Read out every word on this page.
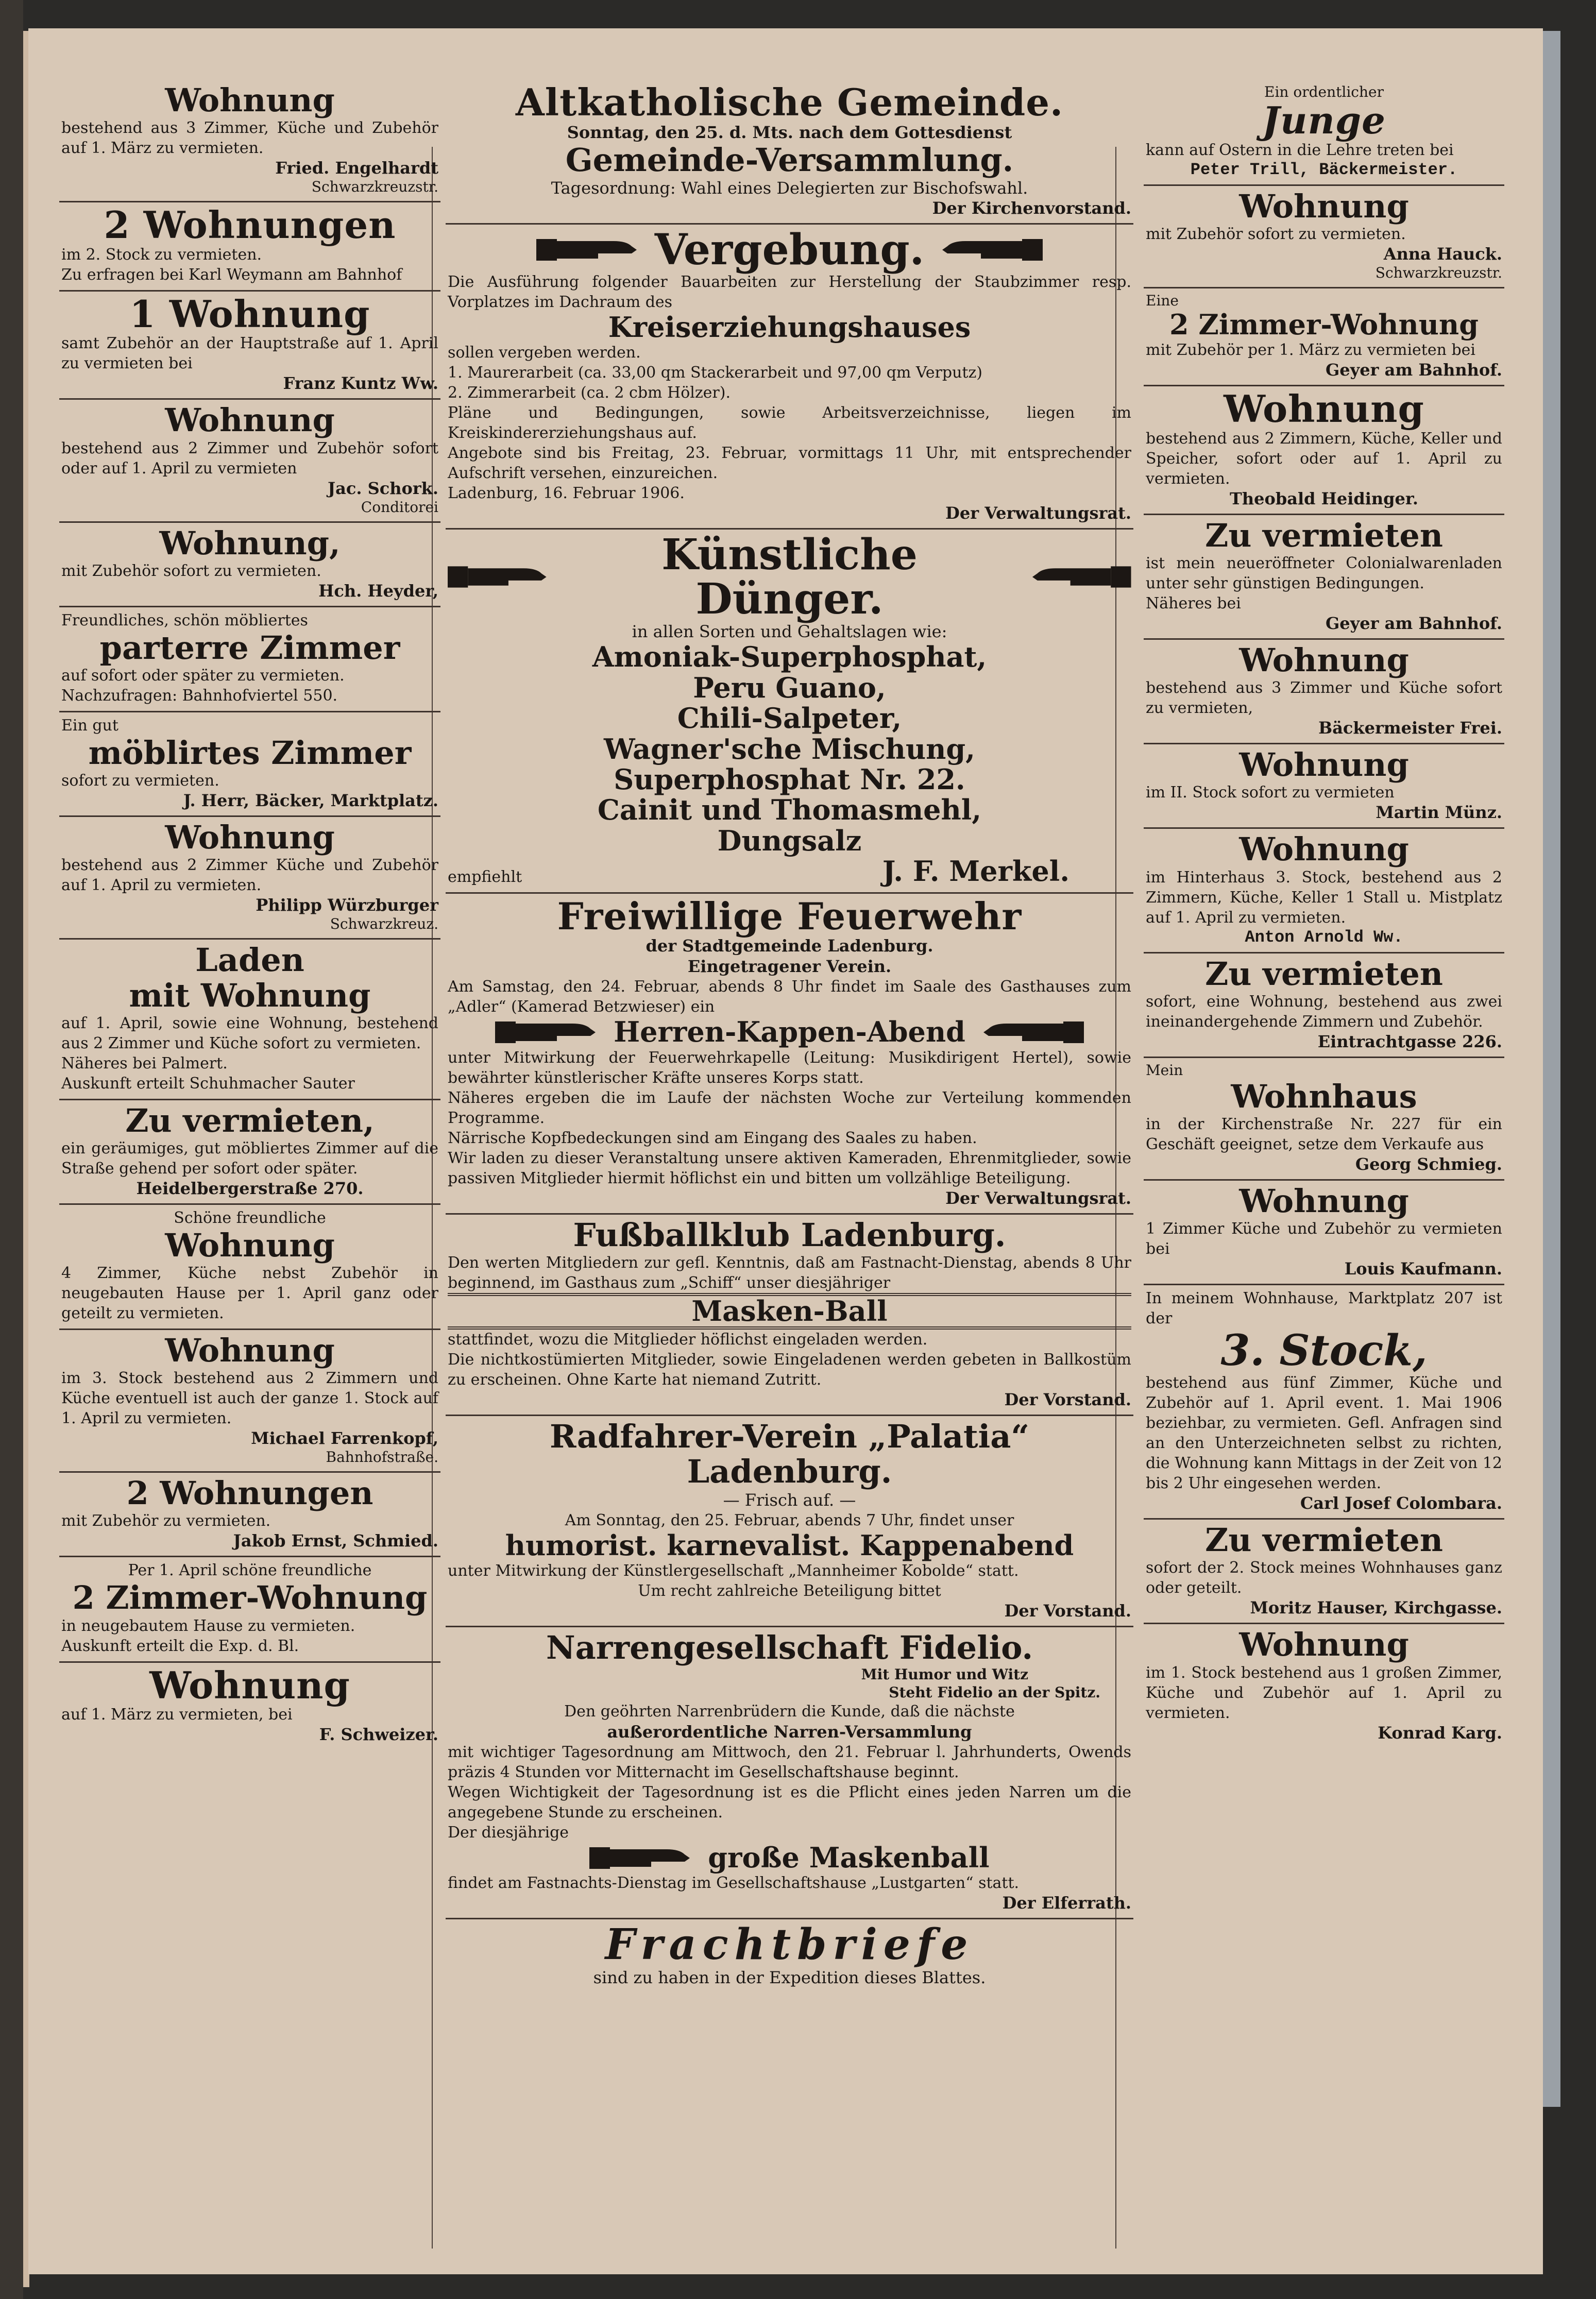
Wohnung

bestehend aus 3 Zimmer, Küche und Zubehör auf 1. März zu vermieten.

Fried. Engelhardt

Schwarzkreuzstr.

2 Wohnungen

im 2. Stock zu vermieten.

Zu erfragen bei Karl Weymann am Bahnhof

1 Wohnung

samt Zubehör an der Hauptstraße auf 1. April zu vermieten bei

Franz Kuntz Ww.

Wohnung

bestehend aus 2 Zimmer und Zubehör sofort oder auf 1. April zu vermieten

Jac. Schork.

Conditorei

Wohnung,

mit Zubehör sofort zu vermieten.

Hch. Heyder,

Freundliches, schön möbliertes

parterre Zimmer

auf sofort oder später zu vermieten.

Nachzufragen: Bahnhofviertel 550.

Ein gut

möblirtes Zimmer

sofort zu vermieten.

J. Herr, Bäcker, Marktplatz.

Wohnung

bestehend aus 2 Zimmer Küche und Zubehör auf 1. April zu vermieten.

Philipp Würzburger

Schwarzkreuz.

Laden

mit Wohnung

auf 1. April, sowie eine Wohnung, bestehend aus 2 Zimmer und Küche sofort zu vermieten.

Näheres bei Palmert.

Auskunft erteilt Schuhmacher Sauter

Zu vermieten,

ein geräumiges, gut möbliertes Zimmer auf die Straße gehend per sofort oder später.

Heidelbergerstraße 270.

Schöne freundliche

Wohnung

4 Zimmer, Küche nebst Zubehör in neugebauten Hause per 1. April ganz oder geteilt zu vermieten.

Wohnung

im 3. Stock bestehend aus 2 Zimmern und Küche eventuell ist auch der ganze 1. Stock auf 1. April zu vermieten.

Michael Farrenkopf,

Bahnhofstraße.

2 Wohnungen

mit Zubehör zu vermieten.

Jakob Ernst, Schmied.

Per 1. April schöne freundliche

2 Zimmer-Wohnung

in neugebautem Hause zu vermieten.

Auskunft erteilt die Exp. d. Bl.

Wohnung

auf 1. März zu vermieten, bei

F. Schweizer.

Altkatholische Gemeinde.

Sonntag, den 25. d. Mts. nach dem Gottesdienst

Gemeinde-Versammlung.

Tagesordnung: Wahl eines Delegierten zur Bischofswahl.

Der Kirchenvorstand.

Vergebung.

Die Ausführung folgender Bauarbeiten zur Herstellung der Staubzimmer resp. Vorplatzes im Dachraum des

Kreiserziehungshauses

sollen vergeben werden.

1. Maurerarbeit (ca. 33,00 qm Stackerarbeit und 97,00 qm Verputz)

2. Zimmerarbeit (ca. 2 cbm Hölzer).

Pläne und Bedingungen, sowie Arbeitsverzeichnisse, liegen im Kreiskindererziehungshaus auf.

Angebote sind bis Freitag, 23. Februar, vormittags 11 Uhr, mit entsprechender Aufschrift versehen, einzureichen.

Ladenburg, 16. Februar 1906.

Der Verwaltungsrat.

Künstliche Dünger.

in allen Sorten und Gehaltslagen wie:

Amoniak-Superphosphat,

Peru Guano,

Chili-Salpeter,

Wagner'sche Mischung,

Superphosphat Nr. 22.

Cainit und Thomasmehl,

Dungsalz

empfiehlt	J. F. Merkel.

Freiwillige Feuerwehr

der Stadtgemeinde Ladenburg.

Eingetragener Verein.

Am Samstag, den 24. Februar, abends 8 Uhr findet im Saale des Gasthauses zum „Adler“ (Kamerad Betzwieser) ein

Herren-Kappen-Abend

unter Mitwirkung der Feuerwehrkapelle (Leitung: Musikdirigent Hertel), sowie bewährter künstlerischer Kräfte unseres Korps statt.

Näheres ergeben die im Laufe der nächsten Woche zur Verteilung kommenden Programme.

Närrische Kopfbedeckungen sind am Eingang des Saales zu haben.

Wir laden zu dieser Veranstaltung unsere aktiven Kameraden, Ehrenmitglieder, sowie passiven Mitglieder hiermit höflichst ein und bitten um vollzählige Beteiligung.

Der Verwaltungsrat.

Fußballklub Ladenburg.

Den werten Mitgliedern zur gefl. Kenntnis, daß am Fastnacht-Dienstag, abends 8 Uhr beginnend, im Gasthaus zum „Schiff“ unser diesjähriger

Masken-Ball

stattfindet, wozu die Mitglieder höflichst eingeladen werden.

Die nichtkostümierten Mitglieder, sowie Eingeladenen werden gebeten in Ballkostüm zu erscheinen. Ohne Karte hat niemand Zutritt.

Der Vorstand.

Radfahrer-Verein „Palatia“ Ladenburg.

— Frisch auf. —

Am Sonntag, den 25. Februar, abends 7 Uhr, findet unser

humorist. karnevalist. Kappenabend

unter Mitwirkung der Künstlergesellschaft „Mannheimer Kobolde“ statt.

Um recht zahlreiche Beteiligung bittet

Der Vorstand.

Narrengesellschaft Fidelio.

Mit Humor und Witz

Steht Fidelio an der Spitz.

Den geöhrten Narrenbrüdern die Kunde, daß die nächste

außerordentliche Narren-Versammlung

mit wichtiger Tagesordnung am Mittwoch, den 21. Februar l. Jahrhunderts, Owends präzis 4 Stunden vor Mitternacht im Gesellschaftshause beginnt.

Wegen Wichtigkeit der Tagesordnung ist es die Pflicht eines jeden Narren um die angegebene Stunde zu erscheinen.

Der diesjährige

große Maskenball

findet am Fastnachts-Dienstag im Gesellschaftshause „Lustgarten“ statt.

Der Elferrath.

Frachtbriefe

sind zu haben in der Expedition dieses Blattes.

Ein ordentlicher

Junge

kann auf Ostern in die Lehre treten bei

Peter Trill, Bäckermeister.

Wohnung

mit Zubehör sofort zu vermieten.

Anna Hauck.

Schwarzkreuzstr.

Eine

2 Zimmer-Wohnung

mit Zubehör per 1. März zu vermieten bei

Geyer am Bahnhof.

Wohnung

bestehend aus 2 Zimmern, Küche, Keller und Speicher, sofort oder auf 1. April zu vermieten.

Theobald Heidinger.

Zu vermieten

ist mein neueröffneter Colonialwarenladen unter sehr günstigen Bedingungen.

Näheres bei

Geyer am Bahnhof.

Wohnung

bestehend aus 3 Zimmer und Küche sofort zu vermieten,

Bäckermeister Frei.

Wohnung

im II. Stock sofort zu vermieten

Martin Münz.

Wohnung

im Hinterhaus 3. Stock, bestehend aus 2 Zimmern, Küche, Keller 1 Stall u. Mistplatz auf 1. April zu vermieten.

Anton Arnold Ww.

Zu vermieten

sofort, eine Wohnung, bestehend aus zwei ineinandergehende Zimmern und Zubehör.

Eintrachtgasse 226.

Mein

Wohnhaus

in der Kirchenstraße Nr. 227 für ein Geschäft geeignet, setze dem Verkaufe aus

Georg Schmieg.

Wohnung

1 Zimmer Küche und Zubehör zu vermieten bei

Louis Kaufmann.

In meinem Wohnhause, Marktplatz 207 ist der

3. Stock,

bestehend aus fünf Zimmer, Küche und Zubehör auf 1. April event. 1. Mai 1906 beziehbar, zu vermieten. Gefl. Anfragen sind an den Unterzeichneten selbst zu richten, die Wohnung kann Mittags in der Zeit von 12 bis 2 Uhr eingesehen werden.

Carl Josef Colombara.

Zu vermieten

sofort der 2. Stock meines Wohnhauses ganz oder geteilt.

Moritz Hauser, Kirchgasse.

Wohnung

im 1. Stock bestehend aus 1 großen Zimmer, Küche und Zubehör auf 1. April zu vermieten.

Konrad Karg.
